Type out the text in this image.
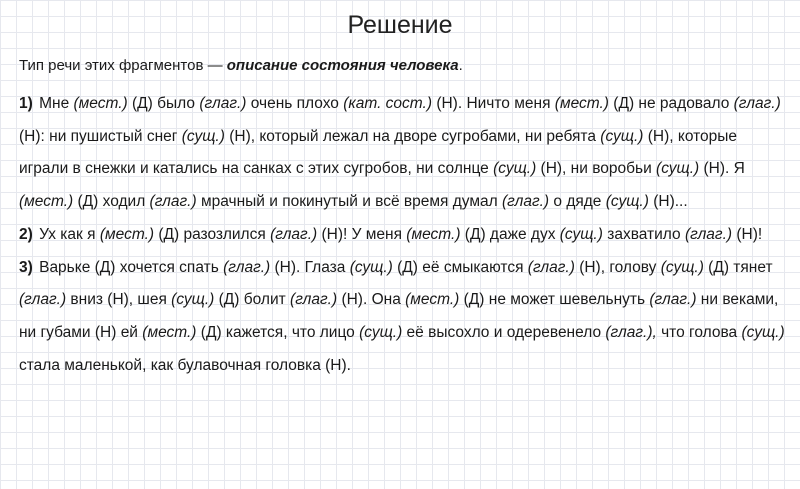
Решение
Тип речи этих фрагментов — описание состояния человека.

1) Мне (мест.) (Д) было (глаг.) очень плохо (кат. сост.) (Н). Ничто меня (мест.) (Д) не радовало (глаг.) (Н): ни пушистый снег (сущ.) (Н), который лежал на дворе сугробами, ни ребята (сущ.) (Н), которые играли в снежки и катались на санках с этих сугробов, ни солнце (сущ.) (Н), ни воробьи (сущ.) (Н). Я (мест.) (Д) ходил (глаг.) мрачный и покинутый и всё время думал (глаг.) о дяде (сущ.) (Н)...

2) Ух как я (мест.) (Д) разозлился (глаг.) (Н)! У меня (мест.) (Д) даже дух (сущ.) захватило (глаг.) (Н)!

3) Варьке (Д) хочется спать (глаг.) (Н). Глаза (сущ.) (Д) её смыкаются (глаг.) (Н), голову (сущ.) (Д) тянет (глаг.) вниз (Н), шея (сущ.) (Д) болит (глаг.) (Н). Она (мест.) (Д) не может шевельнуть (глаг.) ни веками, ни губами (Н) ей (мест.) (Д) кажется, что лицо (сущ.) её высохло и одеревенело (глаг.), что голова (сущ.) стала маленькой, как булавочная головка (Н).
